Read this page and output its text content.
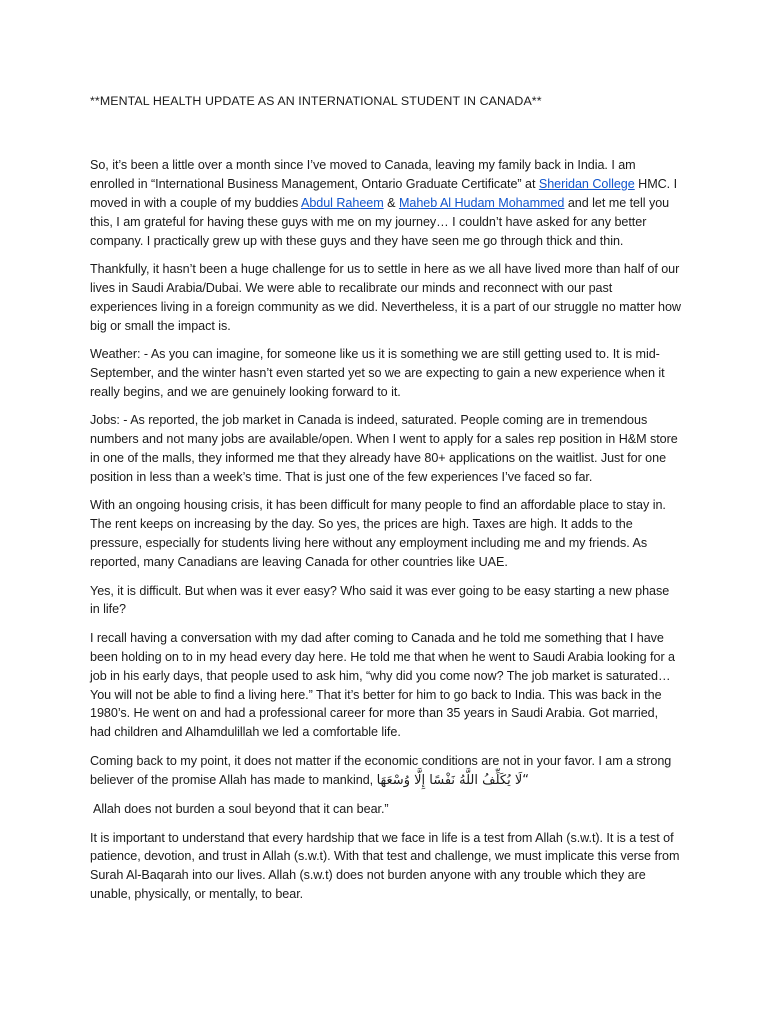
**MENTAL HEALTH UPDATE AS AN INTERNATIONAL STUDENT IN CANADA**

So, it’s been a little over a month since I’ve moved to Canada, leaving my family back in India. I am enrolled in “International Business Management, Ontario Graduate Certificate” at Sheridan College HMC. I moved in with a couple of my buddies Abdul Raheem & Maheb Al Hudam Mohammed and let me tell you this, I am grateful for having these guys with me on my journey… I couldn’t have asked for any better company. I practically grew up with these guys and they have seen me go through thick and thin.

Thankfully, it hasn’t been a huge challenge for us to settle in here as we all have lived more than half of our lives in Saudi Arabia/Dubai. We were able to recalibrate our minds and reconnect with our past experiences living in a foreign community as we did. Nevertheless, it is a part of our struggle no matter how big or small the impact is.

Weather: - As you can imagine, for someone like us it is something we are still getting used to. It is mid-September, and the winter hasn’t even started yet so we are expecting to gain a new experience when it really begins, and we are genuinely looking forward to it.

Jobs: - As reported, the job market in Canada is indeed, saturated. People coming are in tremendous numbers and not many jobs are available/open. When I went to apply for a sales rep position in H&M store in one of the malls, they informed me that they already have 80+ applications on the waitlist. Just for one position in less than a week’s time. That is just one of the few experiences I’ve faced so far.

With an ongoing housing crisis, it has been difficult for many people to find an affordable place to stay in. The rent keeps on increasing by the day. So yes, the prices are high. Taxes are high. It adds to the pressure, especially for students living here without any employment including me and my friends. As reported, many Canadians are leaving Canada for other countries like UAE.

Yes, it is difficult. But when was it ever easy? Who said it was ever going to be easy starting a new phase in life?

I recall having a conversation with my dad after coming to Canada and he told me something that I have been holding on to in my head every day here. He told me that when he went to Saudi Arabia looking for a job in his early days, that people used to ask him, “why did you come now? The job market is saturated… You will not be able to find a living here.” That it’s better for him to go back to India. This was back in the 1980’s. He went on and had a professional career for more than 35 years in Saudi Arabia. Got married, had children and Alhamdulillah we led a comfortable life.

Coming back to my point, it does not matter if the economic conditions are not in your favor. I am a strong believer of the promise Allah has made to mankind, “لَا يُكَلِّفُ اللَّهُ نَفْسًا إِلَّا وُسْعَهَا

Allah does not burden a soul beyond that it can bear.”

It is important to understand that every hardship that we face in life is a test from Allah (s.w.t). It is a test of patience, devotion, and trust in Allah (s.w.t). With that test and challenge, we must implicate this verse from Surah Al-Baqarah into our lives. Allah (s.w.t) does not burden anyone with any trouble which they are unable, physically, or mentally, to bear.
